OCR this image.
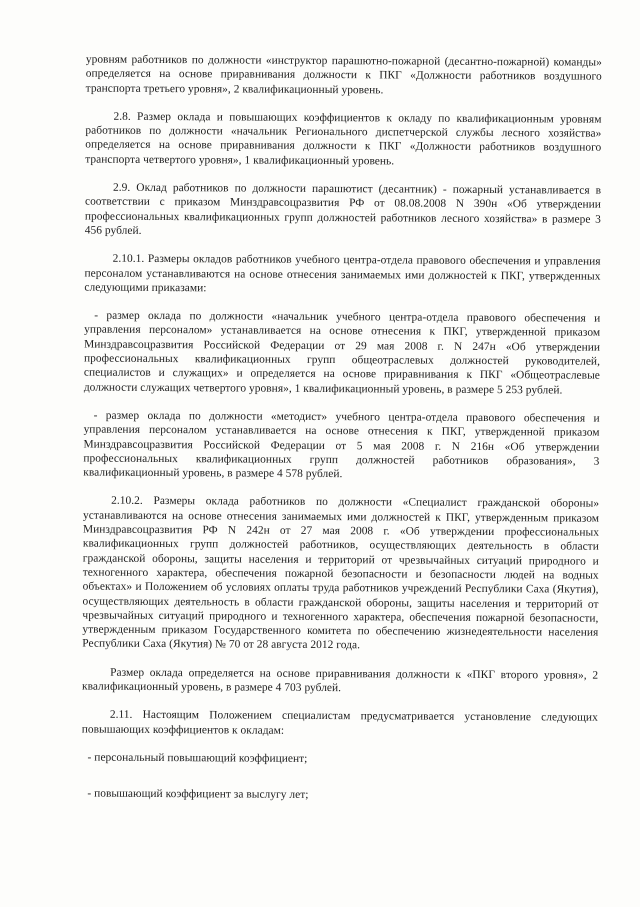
уровням работников по должности «инструктор парашютно-пожарной (десантно-пожарной) команды» определяется на основе приравнивания должности к ПКГ «Должности работников воздушного транспорта третьего уровня», 2 квалификационный уровень.

2.8. Размер оклада и повышающих коэффициентов к окладу по квалификационным уровням работников по должности «начальник Регионального диспетчерской службы лесного хозяйства» определяется на основе приравнивания должности к ПКГ «Должности работников воздушного транспорта четвертого уровня», 1 квалификационный уровень.

2.9. Оклад работников по должности парашютист (десантник) - пожарный устанавливается в соответствии с приказом Минздравсоцразвития РФ от 08.08.2008 N 390н «Об утверждении профессиональных квалификационных групп должностей работников лесного хозяйства» в размере 3 456 рублей.

2.10.1. Размеры окладов работников учебного центра-отдела правового обеспечения и управления персоналом устанавливаются на основе отнесения занимаемых ими должностей к ПКГ, утвержденных следующими приказами:

- размер оклада по должности «начальник учебного центра-отдела правового обеспечения и управления персоналом» устанавливается на основе отнесения к ПКГ, утвержденной приказом Минздравсоцразвития Российской Федерации от 29 мая 2008 г. N 247н «Об утверждении профессиональных квалификационных групп общеотраслевых должностей руководителей, специалистов и служащих» и определяется на основе приравнивания к ПКГ «Общеотраслевые должности служащих четвертого уровня», 1 квалификационный уровень, в размере 5 253 рублей.

- размер оклада по должности «методист» учебного центра-отдела правового обеспечения и управления персоналом устанавливается на основе отнесения к ПКГ, утвержденной приказом Минздравсоцразвития Российской Федерации от 5 мая 2008 г. N 216н «Об утверждении профессиональных квалификационных групп должностей работников образования», 3 квалификационный уровень, в размере 4 578 рублей.

2.10.2. Размеры оклада работников по должности «Специалист гражданской обороны» устанавливаются на основе отнесения занимаемых ими должностей к ПКГ, утвержденным приказом Минздравсоцразвития РФ N 242н от 27 мая 2008 г. «Об утверждении профессиональных квалификационных групп должностей работников, осуществляющих деятельность в области гражданской обороны, защиты населения и территорий от чрезвычайных ситуаций природного и техногенного характера, обеспечения пожарной безопасности и безопасности людей на водных объектах» и Положением об условиях оплаты труда работников учреждений Республики Саха (Якутия), осуществляющих деятельность в области гражданской обороны, защиты населения и территорий от чрезвычайных ситуаций природного и техногенного характера, обеспечения пожарной безопасности, утвержденным приказом Государственного комитета по обеспечению жизнедеятельности населения Республики Саха (Якутия) № 70 от 28 августа 2012 года.

Размер оклада определяется на основе приравнивания должности к «ПКГ второго уровня», 2 квалификационный уровень, в размере 4 703 рублей.

2.11. Настоящим Положением специалистам предусматривается установление следующих повышающих коэффициентов к окладам:

- персональный повышающий коэффициент;

- повышающий коэффициент за выслугу лет;
